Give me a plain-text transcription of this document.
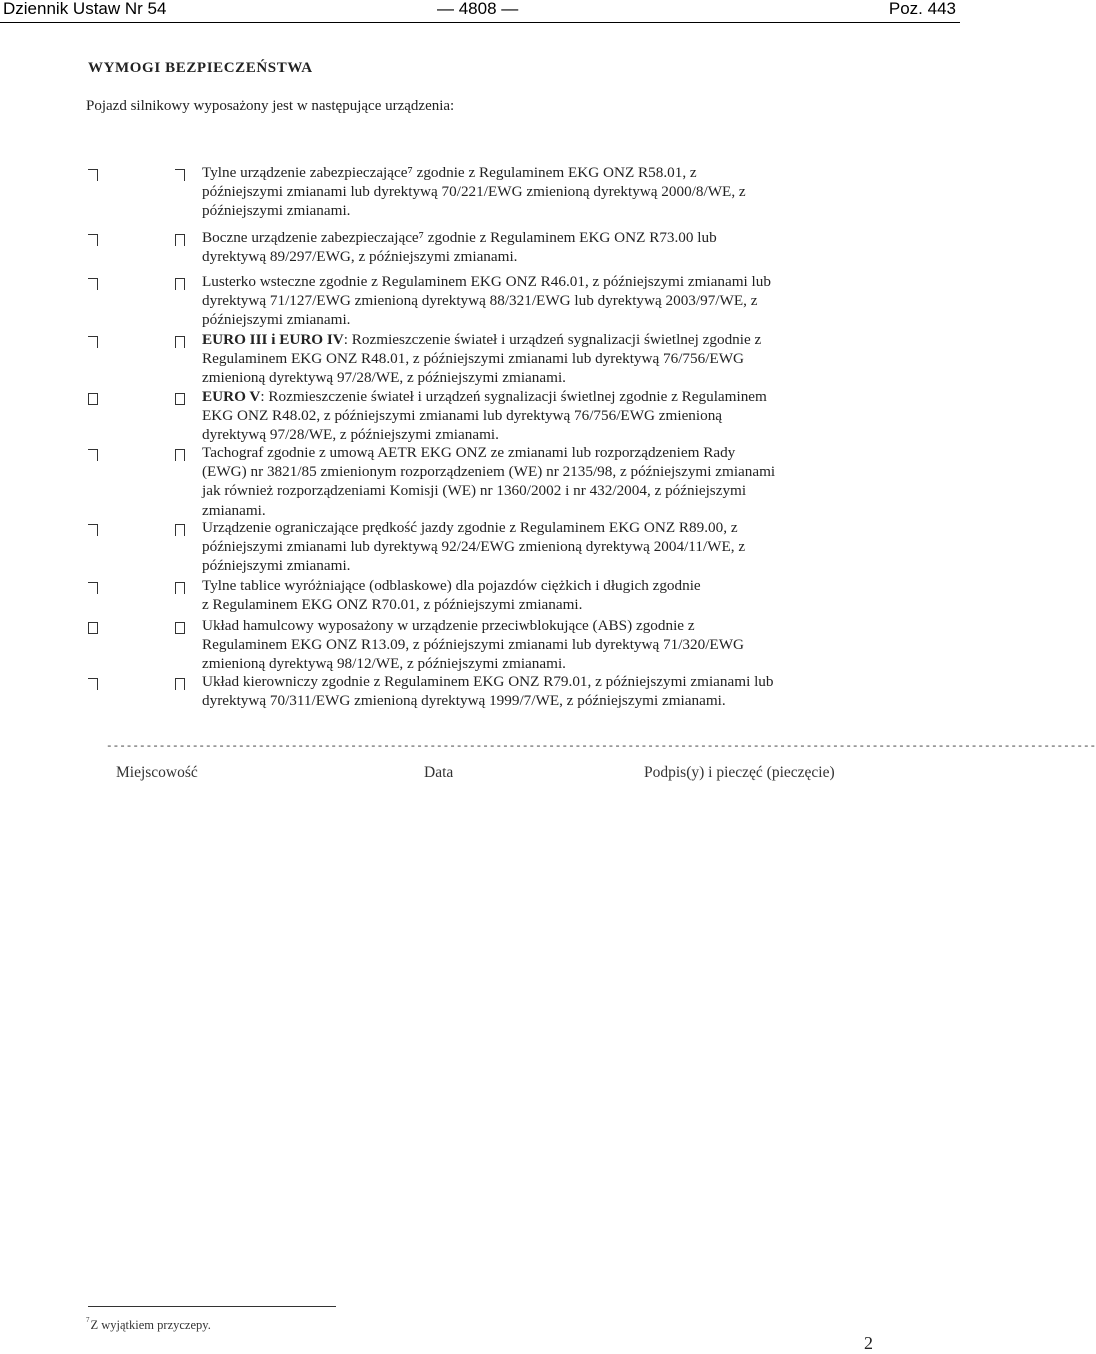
Dziennik Ustaw Nr 54	— 4808 —	Poz. 443
WYMOGI BEZPIECZEŃSTWA
Pojazd silnikowy wyposażony jest w następujące urządzenia:

Tylne urządzenie zabezpieczające⁷ zgodnie z Regulaminem EKG ONZ R58.01, z

późniejszymi zmianami lub dyrektywą 70/221/EWG zmienioną dyrektywą 2000/8/WE, z

późniejszymi zmianami.

Boczne urządzenie zabezpieczające⁷ zgodnie z Regulaminem EKG ONZ R73.00 lub

dyrektywą 89/297/EWG, z późniejszymi zmianami.

Lusterko wsteczne zgodnie z Regulaminem EKG ONZ R46.01, z późniejszymi zmianami lub

dyrektywą 71/127/EWG zmienioną dyrektywą 88/321/EWG lub dyrektywą 2003/97/WE, z

późniejszymi zmianami.

EURO III i EURO IV: Rozmieszczenie świateł i urządzeń sygnalizacji świetlnej zgodnie z

Regulaminem EKG ONZ R48.01, z późniejszymi zmianami lub dyrektywą 76/756/EWG

zmienioną dyrektywą 97/28/WE, z późniejszymi zmianami.

EURO V: Rozmieszczenie świateł i urządzeń sygnalizacji świetlnej zgodnie z Regulaminem

EKG ONZ R48.02, z późniejszymi zmianami lub dyrektywą 76/756/EWG zmienioną

dyrektywą 97/28/WE, z późniejszymi zmianami.

Tachograf zgodnie z umową AETR EKG ONZ ze zmianami lub rozporządzeniem Rady

(EWG) nr 3821/85 zmienionym rozporządzeniem (WE) nr 2135/98, z późniejszymi zmianami

jak również rozporządzeniami Komisji (WE) nr 1360/2002 i nr 432/2004, z późniejszymi

zmianami.

Urządzenie ograniczające prędkość jazdy zgodnie z Regulaminem EKG ONZ R89.00, z

późniejszymi zmianami lub dyrektywą 92/24/EWG zmienioną dyrektywą 2004/11/WE, z

późniejszymi zmianami.

Tylne tablice wyróżniające (odblaskowe) dla pojazdów ciężkich i długich zgodnie

z Regulaminem EKG ONZ R70.01, z późniejszymi zmianami.

Układ hamulcowy wyposażony w urządzenie przeciwblokujące (ABS) zgodnie z

Regulaminem EKG ONZ R13.09, z późniejszymi zmianami lub dyrektywą 71/320/EWG

zmienioną dyrektywą 98/12/WE, z późniejszymi zmianami.

Układ kierowniczy zgodnie z Regulaminem EKG ONZ R79.01, z późniejszymi zmianami lub

dyrektywą 70/311/EWG zmienioną dyrektywą 1999/7/WE, z późniejszymi zmianami.

------------------------------------------------------------------------------------------------------------------------------------------------------
Miejscowość	Data	Podpis(y) i pieczęć (pieczęcie)
$^7$Z wyjątkiem przyczepy.
2
